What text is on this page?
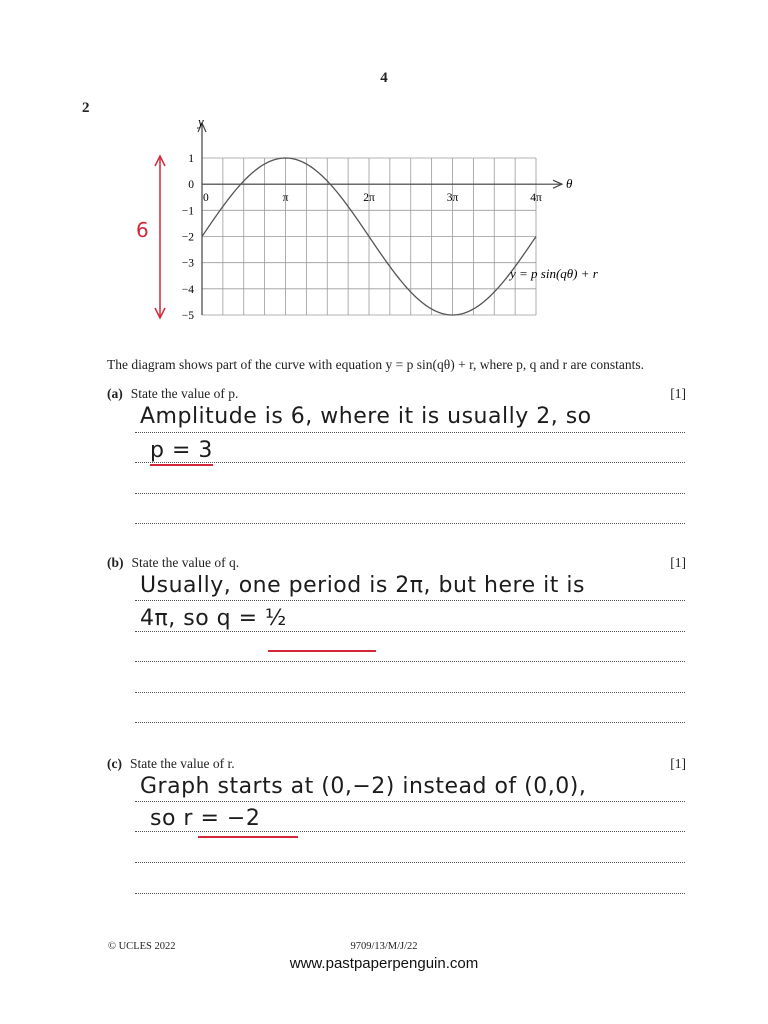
4
2
1
0
−1
−2
−3
−4
−5
0	π	2π	3π	4π
y
θ
y = p sin(qθ) + r
6
The diagram shows part of the curve with equation y = p sin(qθ) + r, where p, q and r are constants.
(a) State the value of p.	[1]
Amplitude is 6, where it is usually 2, so
p = 3
(b) State the value of q.	[1]
Usually, one period is 2π, but here it is
4π, so q = ½
(c) State the value of r.	[1]
Graph starts at (0,−2) instead of (0,0),
so r = −2
© UCLES 2022	9709/13/M/J/22
www.pastpaperpenguin.com
